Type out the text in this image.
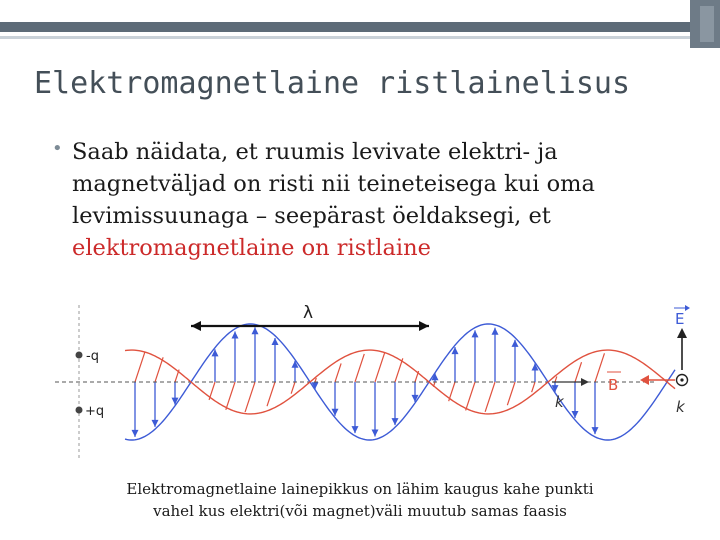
Elektromagnetlaine ristlainelisus
• Saab näidata, et ruumis levivate elektri- ja magnetväljad on risti nii teineteisega kui oma levimissuunaga – seepärast öeldaksegi, et elektromagnetlaine on ristlaine

λ
-q
+q
k
E
B
k

Elektromagnetlaine lainepikkus on lähim kaugus kahe punkti
vahel kus elektri(või magnet)väli muutub samas faasis
